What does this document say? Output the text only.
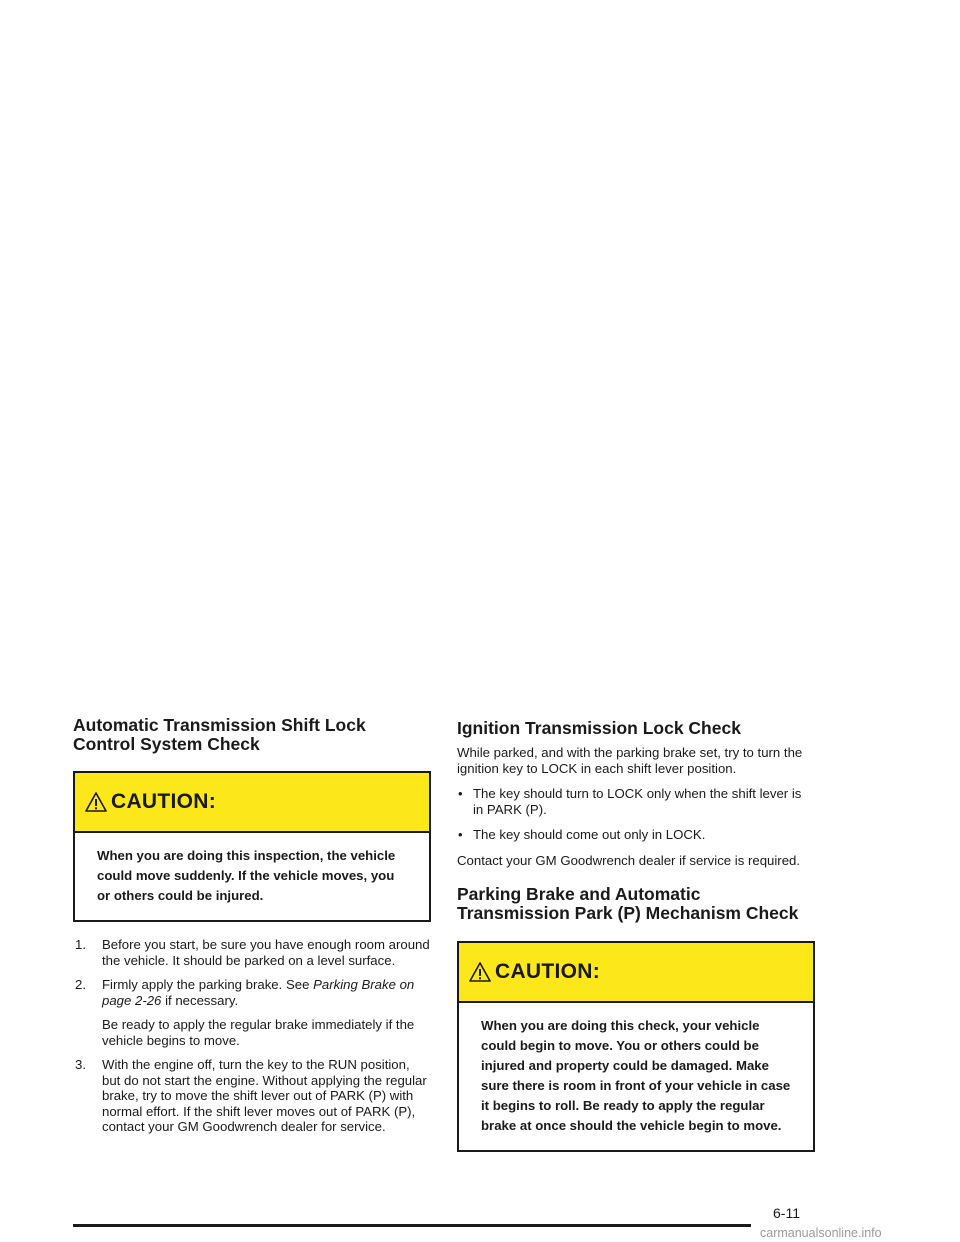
Automatic Transmission Shift Lock
Control System Check
CAUTION:
When you are doing this inspection, the vehicle could move suddenly. If the vehicle moves, you or others could be injured.
1. Before you start, be sure you have enough room around the vehicle. It should be parked on a level surface.
2. Firmly apply the parking brake. See Parking Brake on page 2-26 if necessary.
Be ready to apply the regular brake immediately if the vehicle begins to move.
3. With the engine off, turn the key to the RUN position, but do not start the engine. Without applying the regular brake, try to move the shift lever out of PARK (P) with normal effort. If the shift lever moves out of PARK (P), contact your GM Goodwrench dealer for service.
Ignition Transmission Lock Check

While parked, and with the parking brake set, try to turn the ignition key to LOCK in each shift lever position.

• The key should turn to LOCK only when the shift lever is in PARK (P).
• The key should come out only in LOCK.

Contact your GM Goodwrench dealer if service is required.

Parking Brake and Automatic
Transmission Park (P) Mechanism Check
CAUTION:
When you are doing this check, your vehicle could begin to move. You or others could be injured and property could be damaged. Make sure there is room in front of your vehicle in case it begins to roll. Be ready to apply the regular brake at once should the vehicle begin to move.
6-11
carmanualsonline.info
